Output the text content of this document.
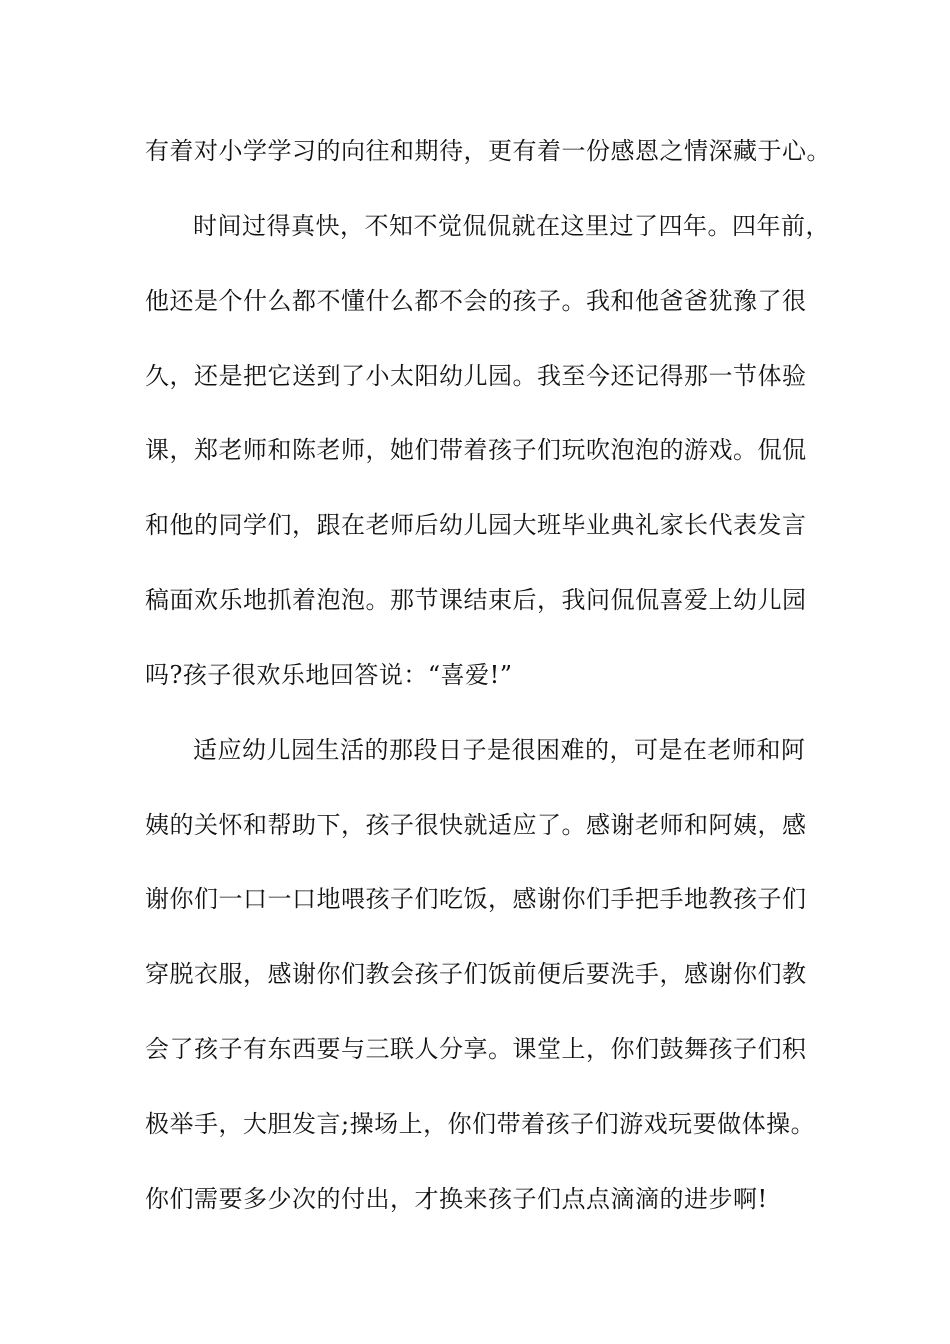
有着对小学学习的向往和期待，更有着一份感恩之情深藏于心。

时间过得真快，不知不觉侃侃就在这里过了四年。四年前，

他还是个什么都不懂什么都不会的孩子。我和他爸爸犹豫了很

久，还是把它送到了小太阳幼儿园。我至今还记得那一节体验

课，郑老师和陈老师，她们带着孩子们玩吹泡泡的游戏。侃侃

和他的同学们，跟在老师后幼儿园大班毕业典礼家长代表发言

稿面欢乐地抓着泡泡。那节课结束后，我问侃侃喜爱上幼儿园

吗?孩子很欢乐地回答说：“喜爱!”

适应幼儿园生活的那段日子是很困难的，可是在老师和阿

姨的关怀和帮助下，孩子很快就适应了。感谢老师和阿姨，感

谢你们一口一口地喂孩子们吃饭，感谢你们手把手地教孩子们

穿脱衣服，感谢你们教会孩子们饭前便后要洗手，感谢你们教

会了孩子有东西要与三联人分享。课堂上，你们鼓舞孩子们积

极举手，大胆发言;操场上，你们带着孩子们游戏玩要做体操。

你们需要多少次的付出，才换来孩子们点点滴滴的进步啊!
